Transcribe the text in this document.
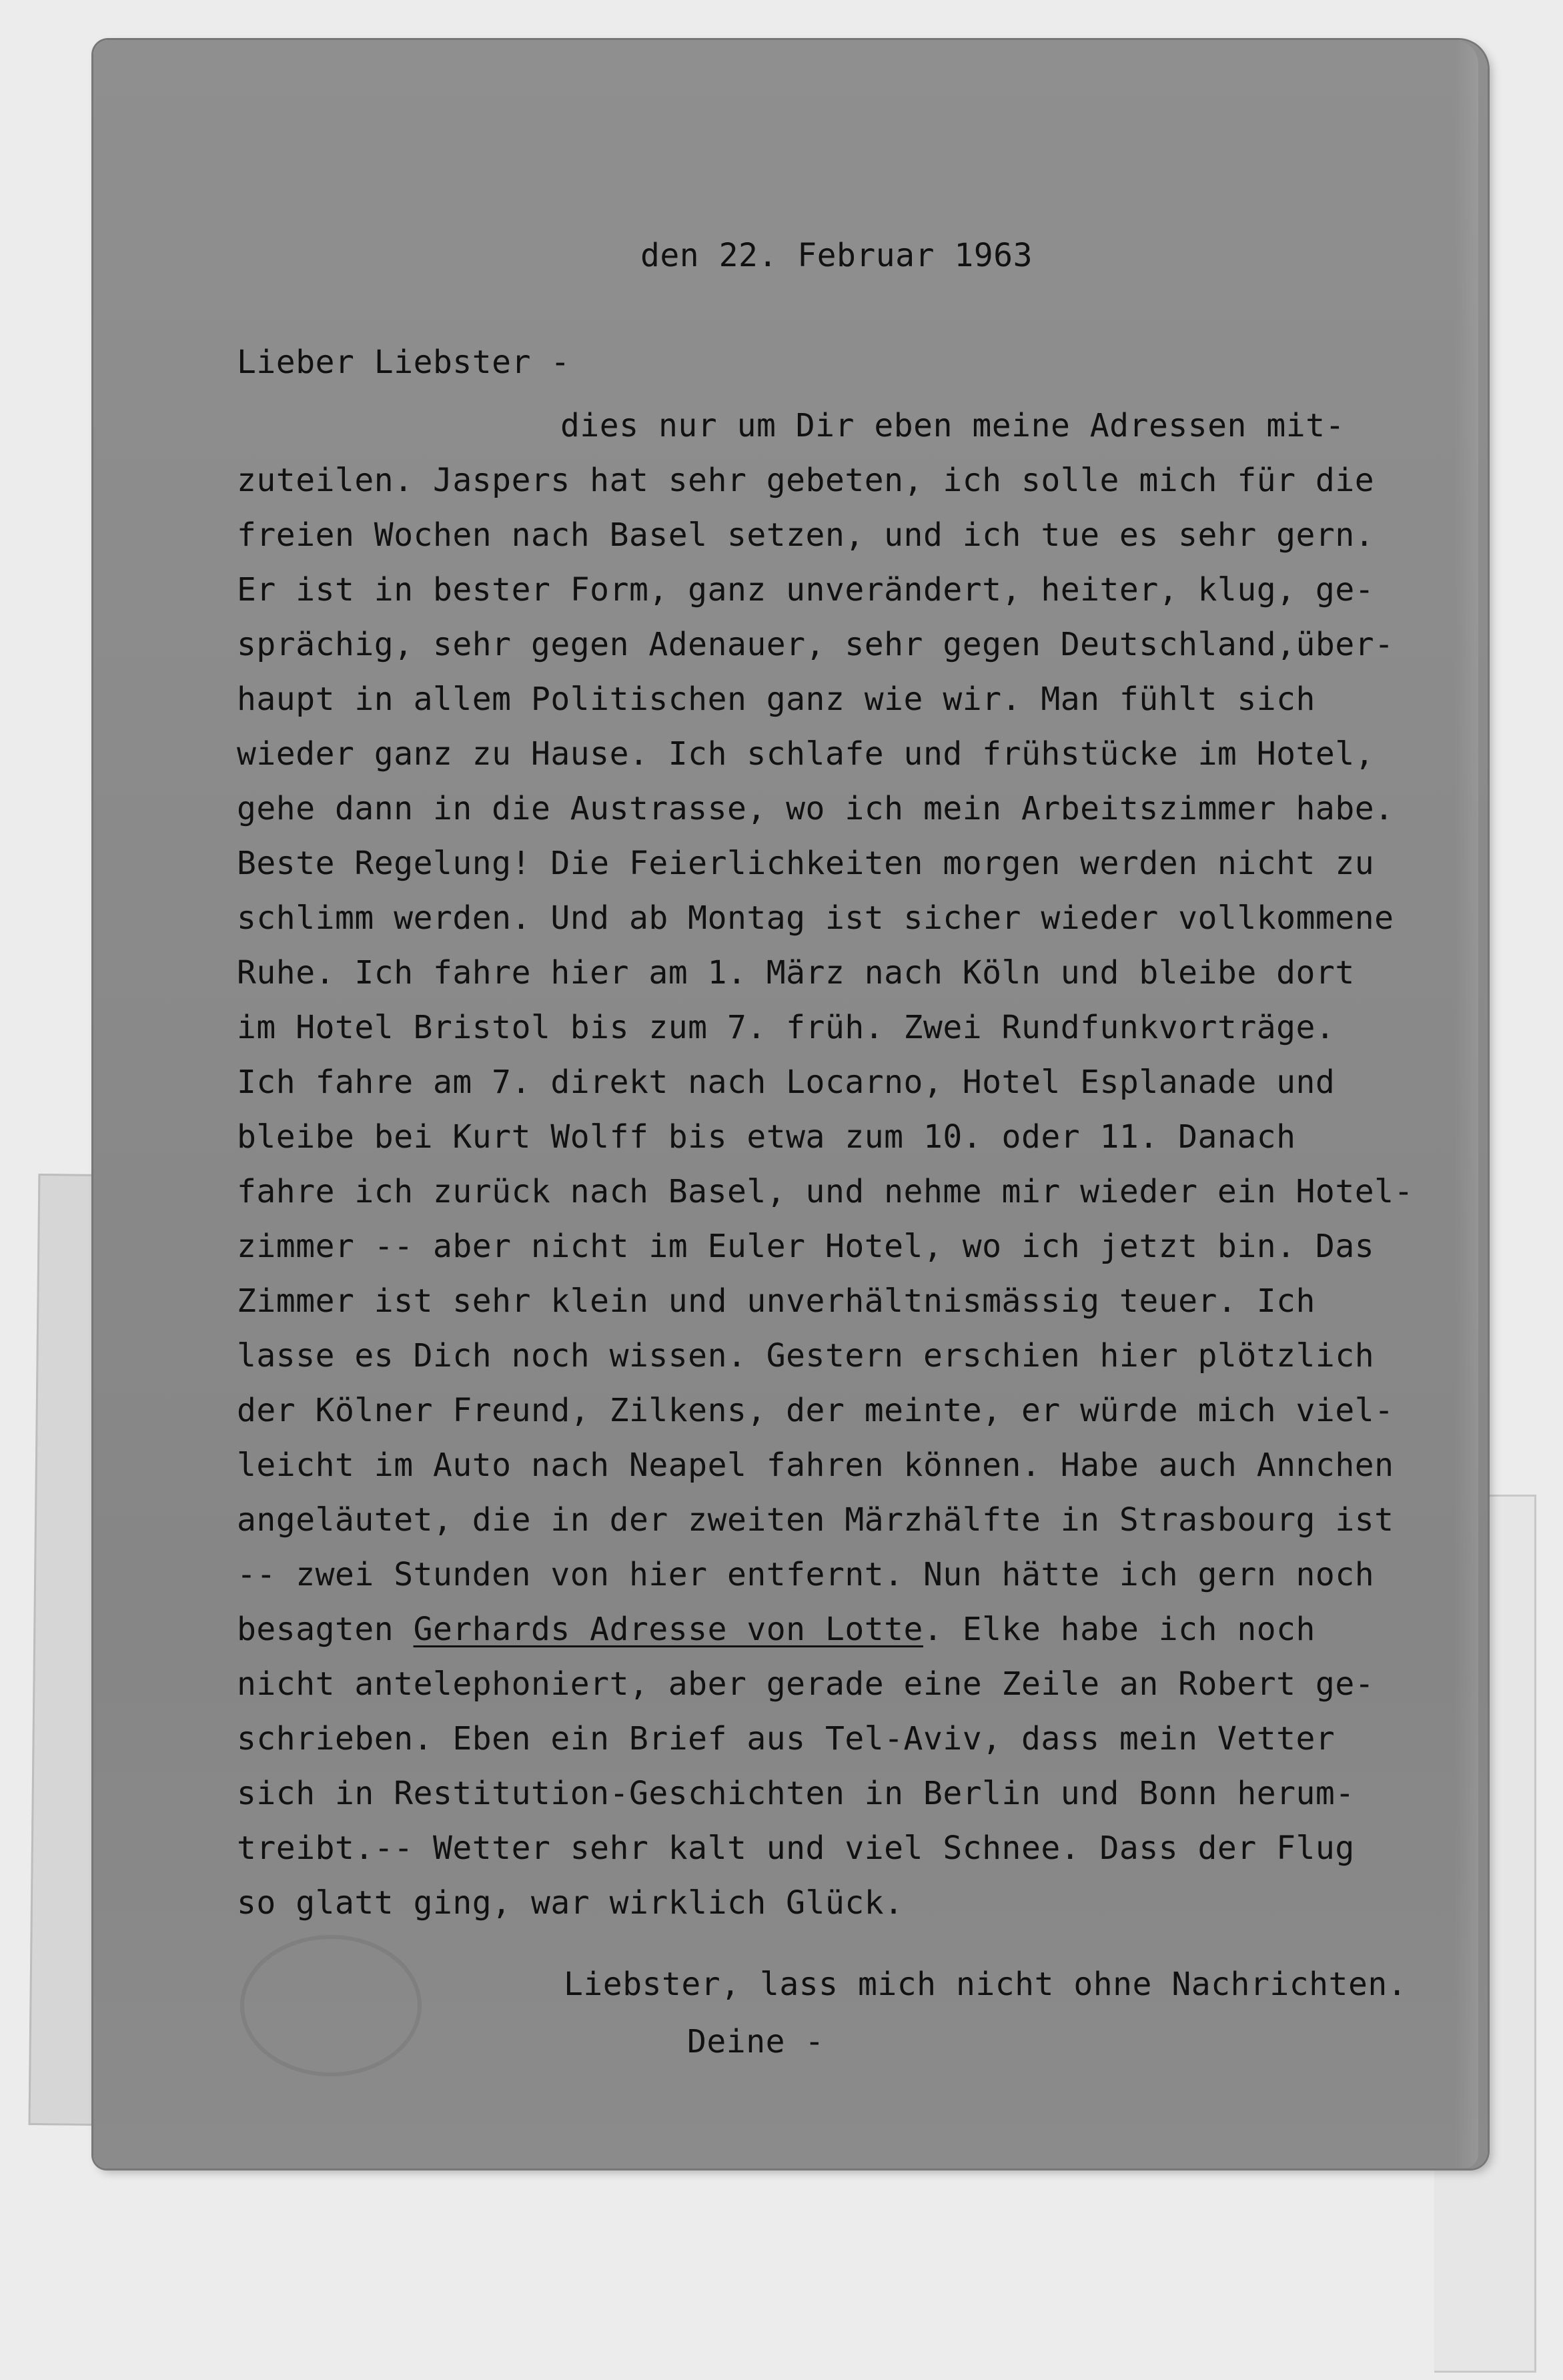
den 22. Februar 1963
Lieber Liebster -
dies nur um Dir eben meine Adressen mit-
zuteilen. Jaspers hat sehr gebeten, ich solle mich für die
freien Wochen nach Basel setzen, und ich tue es sehr gern.
Er ist in bester Form, ganz unverändert, heiter, klug, ge-
sprächig, sehr gegen Adenauer, sehr gegen Deutschland,über-
haupt in allem Politischen ganz wie wir. Man fühlt sich
wieder ganz zu Hause. Ich schlafe und frühstücke im Hotel,
gehe dann in die Austrasse, wo ich mein Arbeitszimmer habe.
Beste Regelung! Die Feierlichkeiten morgen werden nicht zu
schlimm werden. Und ab Montag ist sicher wieder vollkommene
Ruhe. Ich fahre hier am 1. März nach Köln und bleibe dort
im Hotel Bristol bis zum 7. früh. Zwei Rundfunkvorträge.
Ich fahre am 7. direkt nach Locarno, Hotel Esplanade und
bleibe bei Kurt Wolff bis etwa zum 10. oder 11. Danach
fahre ich zurück nach Basel, und nehme mir wieder ein Hotel-
zimmer -- aber nicht im Euler Hotel, wo ich jetzt bin. Das
Zimmer ist sehr klein und unverhältnismässig teuer. Ich
lasse es Dich noch wissen. Gestern erschien hier plötzlich
der Kölner Freund, Zilkens, der meinte, er würde mich viel-
leicht im Auto nach Neapel fahren können. Habe auch Annchen
angeläutet, die in der zweiten Märzhälfte in Strasbourg ist
-- zwei Stunden von hier entfernt. Nun hätte ich gern noch
besagten Gerhards Adresse von Lotte. Elke habe ich noch
nicht antelephoniert, aber gerade eine Zeile an Robert ge-
schrieben. Eben ein Brief aus Tel-Aviv, dass mein Vetter
sich in Restitution-Geschichten in Berlin und Bonn herum-
treibt.-- Wetter sehr kalt und viel Schnee. Dass der Flug
so glatt ging, war wirklich Glück.
Liebster, lass mich nicht ohne Nachrichten.
Deine -
